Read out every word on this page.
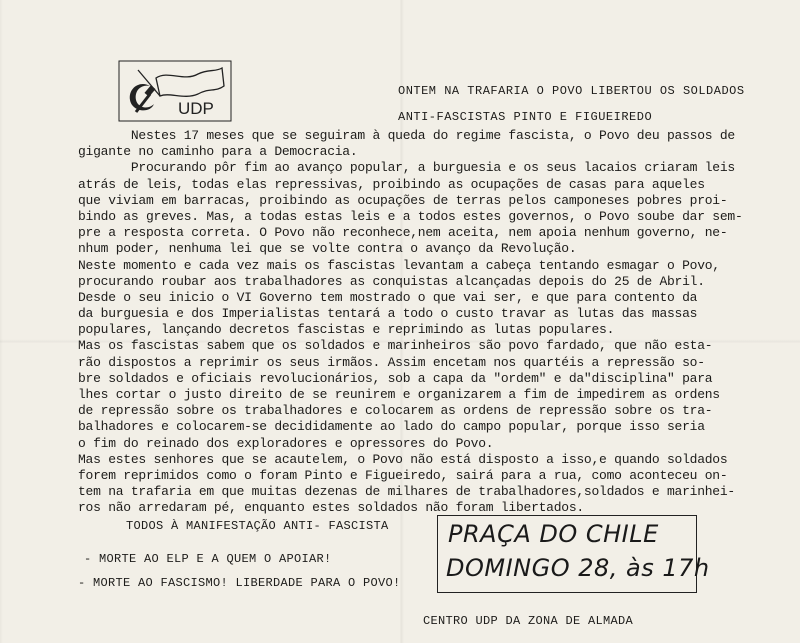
UDP
ONTEM NA TRAFARIA O POVO LIBERTOU OS SOLDADOS
ANTI-FASCISTAS PINTO E FIGUEIREDO
Nestes 17 meses que se seguiram à queda do regime fascista, o Povo deu passos de
gigante no caminho para a Democracia.
Procurando pôr fim ao avanço popular, a burguesia e os seus lacaios criaram leis
atrás de leis, todas elas repressivas, proibindo as ocupações de casas para aqueles
que viviam em barracas, proibindo as ocupações de terras pelos camponeses pobres proi-
bindo as greves. Mas, a todas estas leis e a todos estes governos, o Povo soube dar sem-
pre a resposta correta. O Povo não reconhece,nem aceita, nem apoia nenhum governo, ne-
nhum poder, nenhuma lei que se volte contra o avanço da Revolução.
Neste momento e cada vez mais os fascistas levantam a cabeça tentando esmagar o Povo,
procurando roubar aos trabalhadores as conquistas alcançadas depois do 25 de Abril.
Desde o seu inicio o VI Governo tem mostrado o que vai ser, e que para contento da
da burguesia e dos Imperialistas tentará a todo o custo travar as lutas das massas
populares, lançando decretos fascistas e reprimindo as lutas populares.
Mas os fascistas sabem que os soldados e marinheiros são povo fardado, que não esta-
rão dispostos a reprimir os seus irmãos. Assim encetam nos quartéis a repressão so-
bre soldados e oficiais revolucionários, sob a capa da "ordem" e da"disciplina" para
lhes cortar o justo direito de se reunirem e organizarem a fim de impedirem as ordens
de repressão sobre os trabalhadores e colocarem as ordens de repressão sobre os tra-
balhadores e colocarem-se decididamente ao lado do campo popular, porque isso seria
o fim do reinado dos exploradores e opressores do Povo.
Mas estes senhores que se acautelem, o Povo não está disposto a isso,e quando soldados
forem reprimidos como o foram Pinto e Figueiredo, sairá para a rua, como aconteceu on-
tem na trafaria em que muitas dezenas de milhares de trabalhadores,soldados e marinhei-
ros não arredaram pé, enquanto estes soldados não foram libertados.
TODOS À MANIFESTAÇÃO ANTI- FASCISTA
- MORTE AO ELP E A QUEM O APOIAR!
- MORTE AO FASCISMO! LIBERDADE PARA O POVO!
PRAÇA DO CHILE
DOMINGO 28, às 17h
CENTRO UDP DA ZONA DE ALMADA
